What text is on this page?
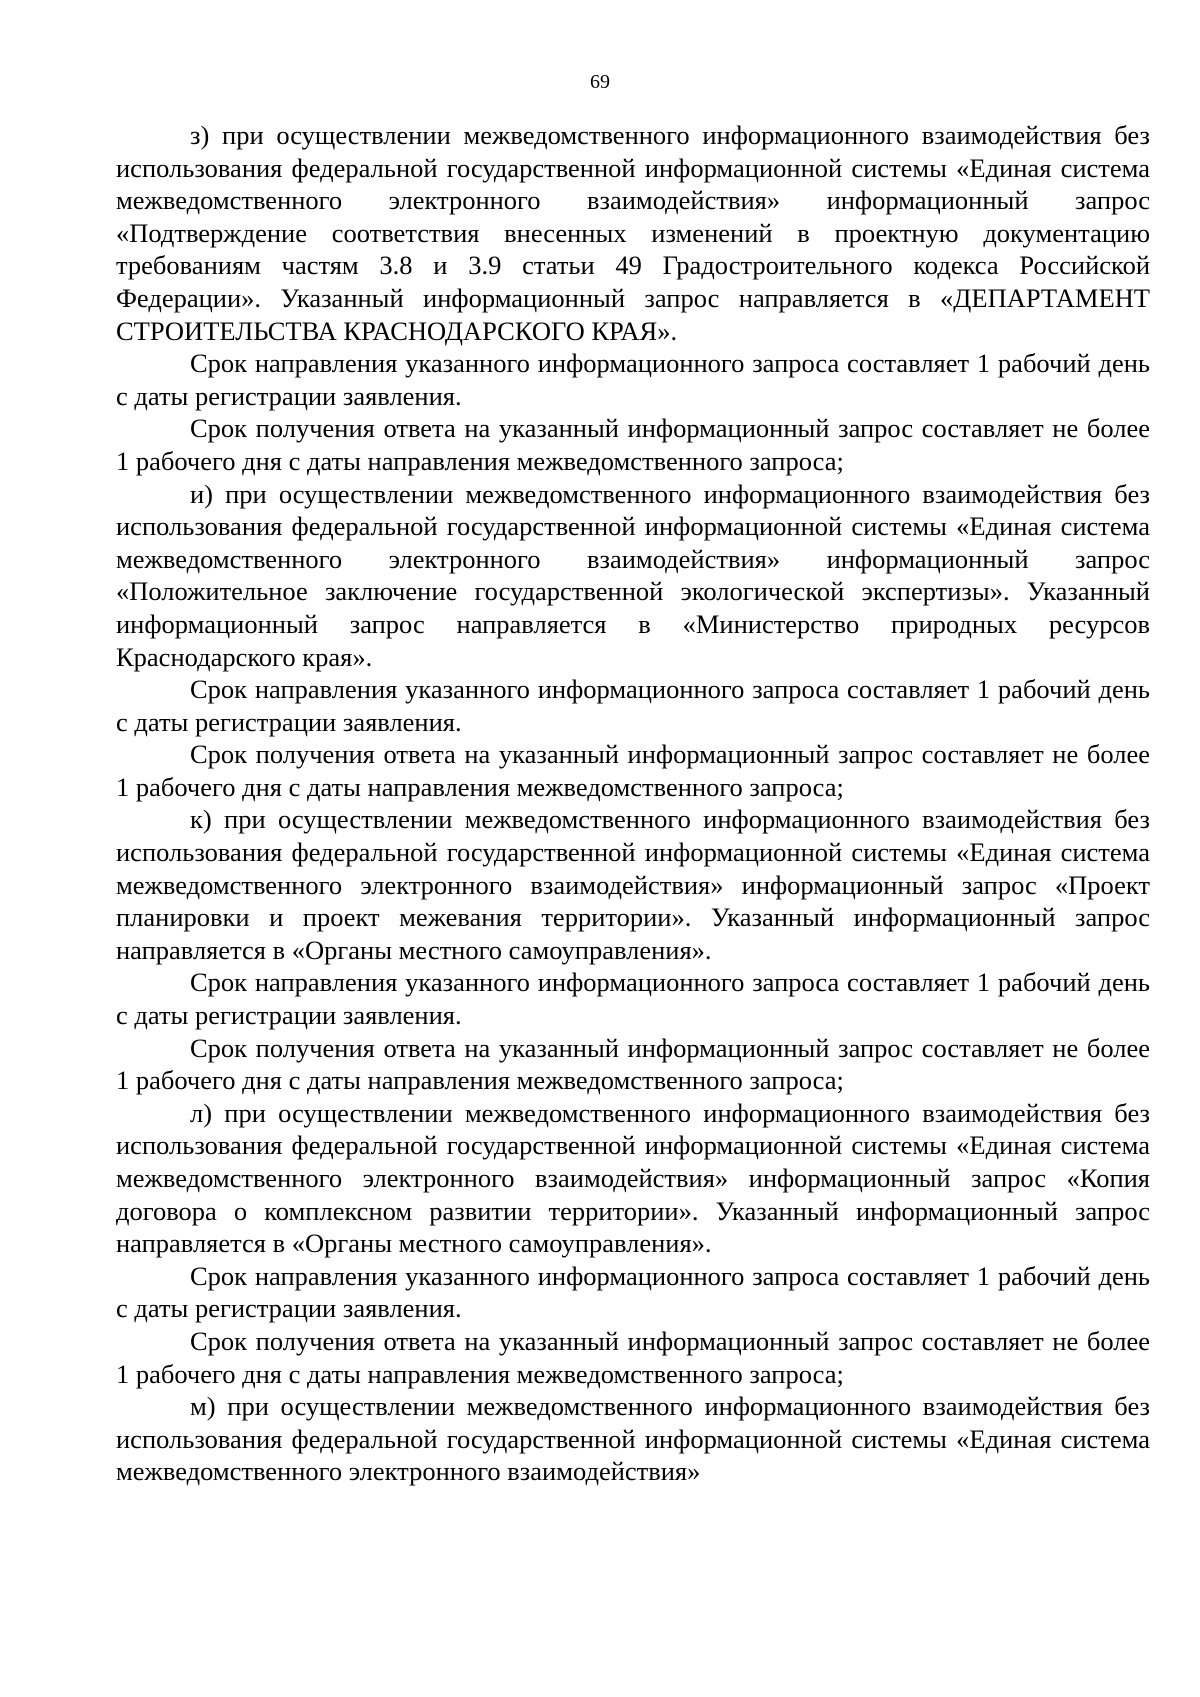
69

з) при осуществлении межведомственного информационного взаимодействия без использования федеральной государственной информационной системы «Единая система межведомственного электронного взаимодействия» информационный запрос «Подтверждение соответствия внесенных изменений в проектную документацию требованиям частям 3.8 и 3.9 статьи 49 Градостроительного кодекса Российской Федерации». Указанный информационный запрос направляется в «ДЕПАРТАМЕНТ СТРОИТЕЛЬСТВА КРАСНОДАРСКОГО КРАЯ».

Срок направления указанного информационного запроса составляет 1 рабочий день с даты регистрации заявления.

Срок получения ответа на указанный информационный запрос составляет не более 1 рабочего дня с даты направления межведомственного запроса;

и) при осуществлении межведомственного информационного взаимодействия без использования федеральной государственной информационной системы «Единая система межведомственного электронного взаимодействия» информационный запрос «Положительное заключение государственной экологической экспертизы». Указанный информационный запрос направляется в «Министерство природных ресурсов Краснодарского края».

Срок направления указанного информационного запроса составляет 1 рабочий день с даты регистрации заявления.

Срок получения ответа на указанный информационный запрос составляет не более 1 рабочего дня с даты направления межведомственного запроса;

к) при осуществлении межведомственного информационного взаимодействия без использования федеральной государственной информационной системы «Единая система межведомственного электронного взаимодействия» информационный запрос «Проект планировки и проект межевания территории». Указанный информационный запрос направляется в «Органы местного самоуправления».

Срок направления указанного информационного запроса составляет 1 рабочий день с даты регистрации заявления.

Срок получения ответа на указанный информационный запрос составляет не более 1 рабочего дня с даты направления межведомственного запроса;

л) при осуществлении межведомственного информационного взаимодействия без использования федеральной государственной информационной системы «Единая система межведомственного электронного взаимодействия» информационный запрос «Копия договора о комплексном развитии территории». Указанный информационный запрос направляется в «Органы местного самоуправления».

Срок направления указанного информационного запроса составляет 1 рабочий день с даты регистрации заявления.

Срок получения ответа на указанный информационный запрос составляет не более 1 рабочего дня с даты направления межведомственного запроса;

м) при осуществлении межведомственного информационного взаимодействия без использования федеральной государственной информационной системы «Единая система межведомственного электронного взаимодействия»
